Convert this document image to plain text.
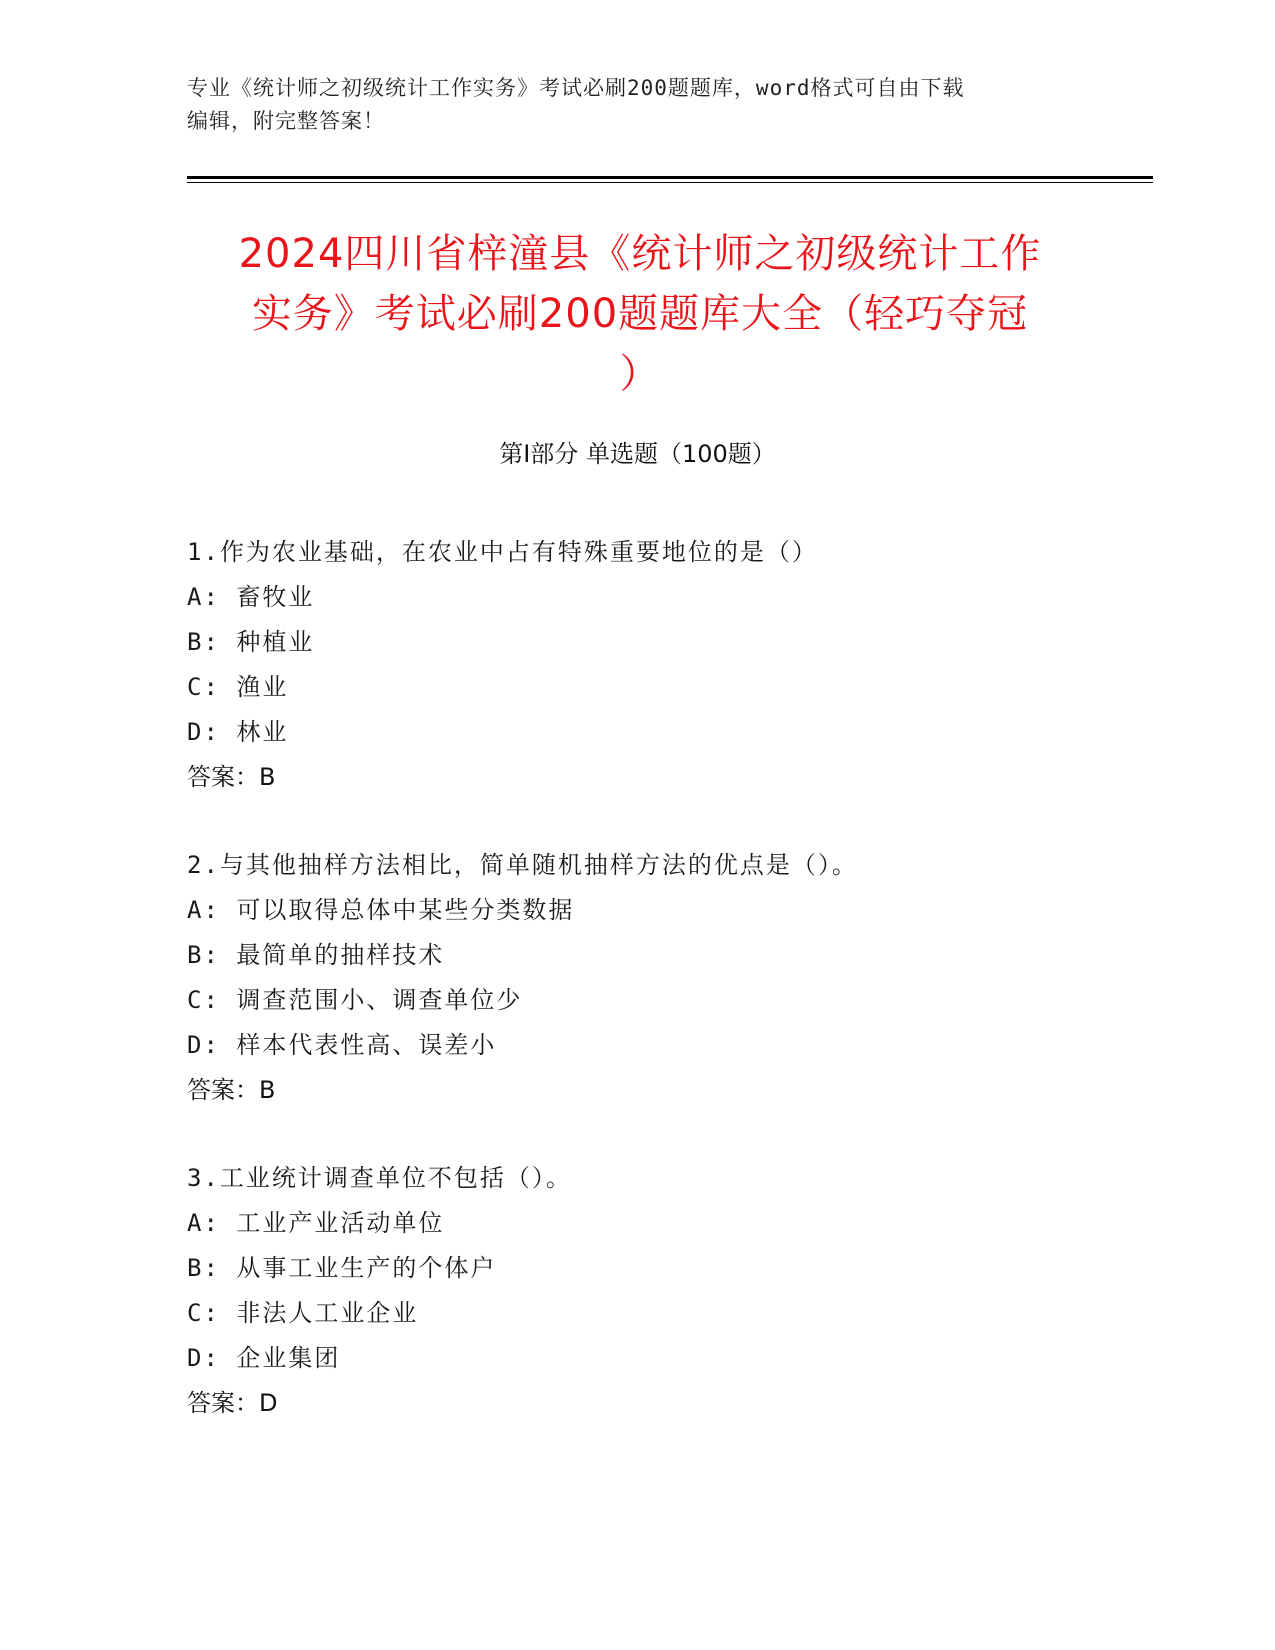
专业《统计师之初级统计工作实务》考试必刷200题题库，word格式可自由下载
编辑，附完整答案！
2024四川省梓潼县《统计师之初级统计工作
实务》考试必刷200题题库大全（轻巧夺冠
）
第I部分 单选题（100题）
1.作为农业基础，在农业中占有特殊重要地位的是（）
A: 畜牧业
B: 种植业
C: 渔业
D: 林业
答案：B
2.与其他抽样方法相比，简单随机抽样方法的优点是（）。
A: 可以取得总体中某些分类数据
B: 最简单的抽样技术
C: 调查范围小、调查单位少
D: 样本代表性高、误差小
答案：B
3.工业统计调查单位不包括（）。
A: 工业产业活动单位
B: 从事工业生产的个体户
C: 非法人工业企业
D: 企业集团
答案：D
